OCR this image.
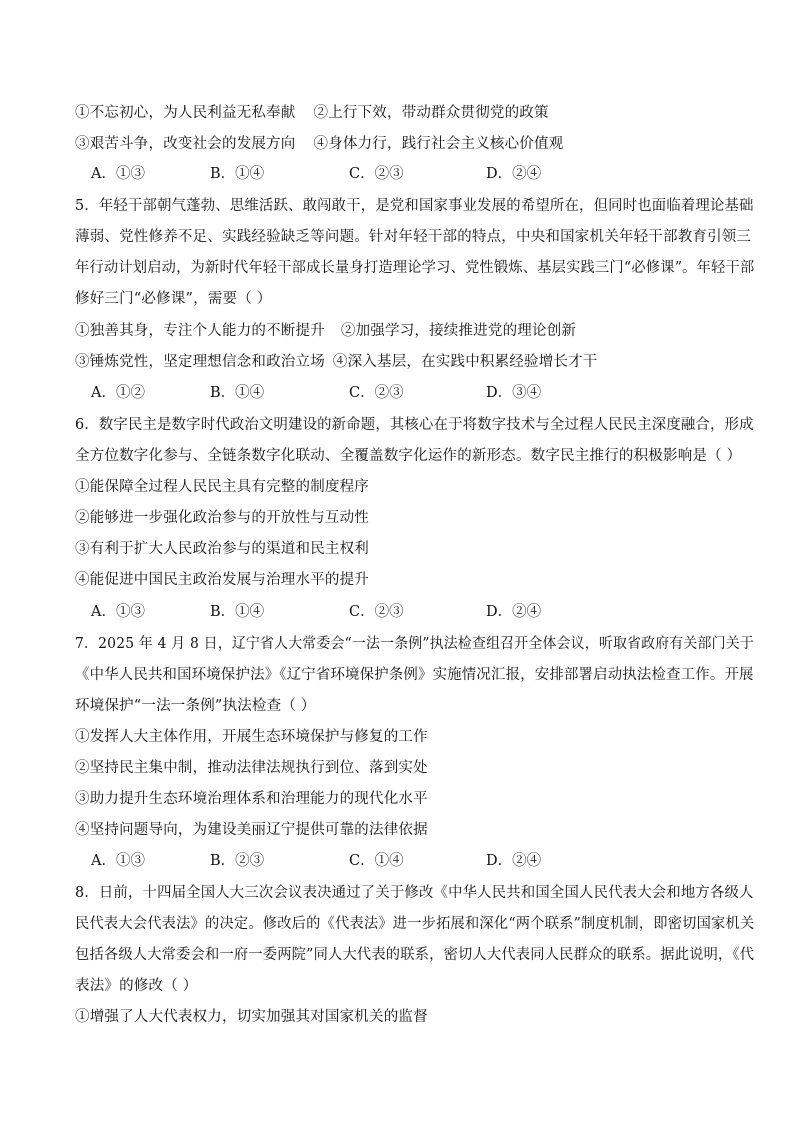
①不忘初心，为人民利益无私奉献 ②上行下效，带动群众贯彻党的政策
③艰苦斗争，改变社会的发展方向 ④身体力行，践行社会主义核心价值观
A．①③	B．①④	C．②③	D．②④
5．年轻干部朝气蓬勃、思维活跃、敢闯敢干，是党和国家事业发展的希望所在，但同时也面临着理论基础
薄弱、党性修养不足、实践经验缺乏等问题。针对年轻干部的特点，中央和国家机关年轻干部教育引领三
年行动计划启动，为新时代年轻干部成长量身打造理论学习、党性锻炼、基层实践三门“必修课”。年轻干部
修好三门“必修课”，需要（ ）
①独善其身，专注个人能力的不断提升 ②加强学习，接续推进党的理论创新
③锤炼党性，坚定理想信念和政治立场 ④深入基层，在实践中积累经验增长才干
A．①②	B．①④	C．②③	D．③④
6．数字民主是数字时代政治文明建设的新命题，其核心在于将数字技术与全过程人民民主深度融合，形成
全方位数字化参与、全链条数字化联动、全覆盖数字化运作的新形态。数字民主推行的积极影响是（ ）
①能保障全过程人民民主具有完整的制度程序
②能够进一步强化政治参与的开放性与互动性
③有利于扩大人民政治参与的渠道和民主权利
④能促进中国民主政治发展与治理水平的提升
A．①③	B．①④	C．②③	D．②④
7．2025 年 4 月 8 日，辽宁省人大常委会“一法一条例”执法检查组召开全体会议，听取省政府有关部门关于
《中华人民共和国环境保护法》《辽宁省环境保护条例》实施情况汇报，安排部署启动执法检查工作。开展
环境保护“一法一条例”执法检查（ ）
①发挥人大主体作用，开展生态环境保护与修复的工作
②坚持民主集中制，推动法律法规执行到位、落到实处
③助力提升生态环境治理体系和治理能力的现代化水平
④坚持问题导向，为建设美丽辽宁提供可靠的法律依据
A．①③	B．②③	C．①④	D．②④
8．日前，十四届全国人大三次会议表决通过了关于修改《中华人民共和国全国人民代表大会和地方各级人
民代表大会代表法》的决定。修改后的《代表法》进一步拓展和深化“两个联系”制度机制，即密切国家机关
包括各级人大常委会和一府一委两院”同人大代表的联系，密切人大代表同人民群众的联系。据此说明，《代
表法》的修改（ ）
①增强了人大代表权力，切实加强其对国家机关的监督
